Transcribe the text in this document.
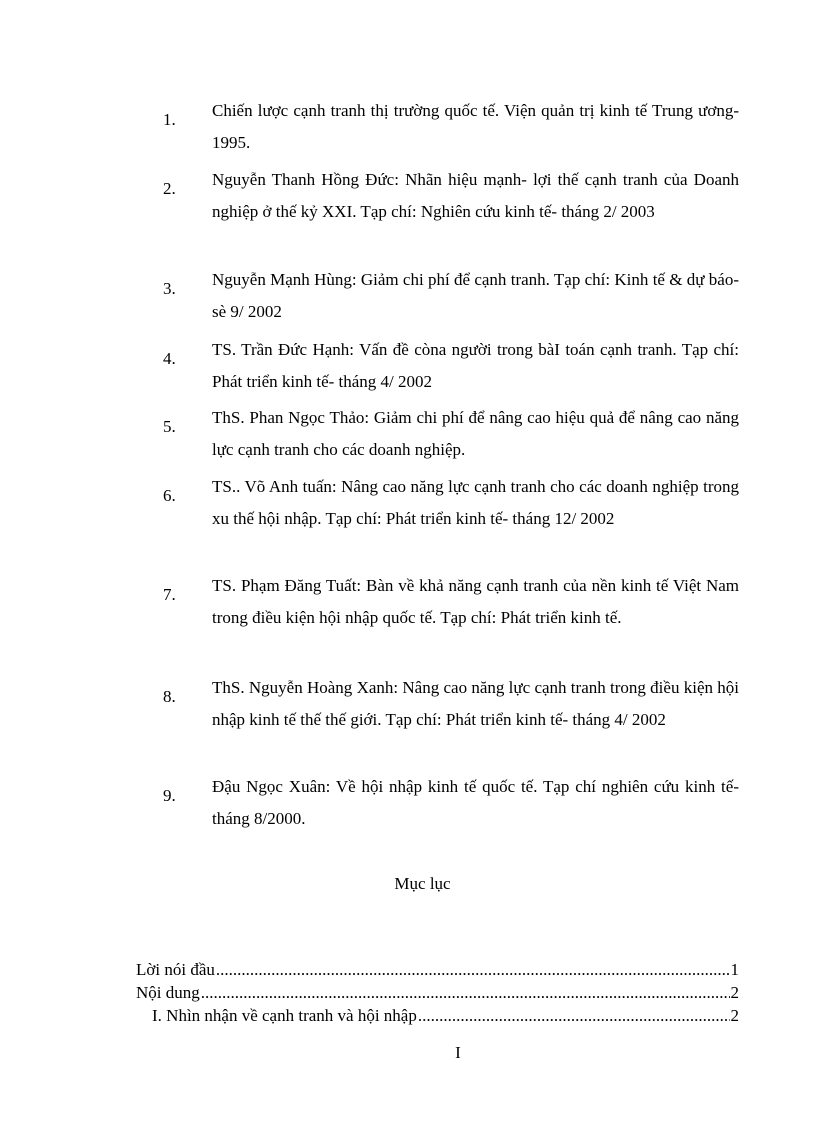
1. Chiến lược cạnh tranh thị trường quốc tế. Viện quản trị kinh tế Trung ương- 1995.
2. Nguyễn Thanh Hồng Đức: Nhãn hiệu mạnh- lợi thế cạnh tranh của Doanh nghiệp ở thế kỷ XXI. Tạp chí: Nghiên cứu kinh tế- tháng 2/ 2003
3. Nguyễn Mạnh Hùng: Giảm chi phí để cạnh tranh. Tạp chí: Kinh tế & dự báo- sè 9/ 2002
4. TS. Trần Đức Hạnh: Vấn đề còna người trong bàI toán cạnh tranh. Tạp chí: Phát triển kinh tế- tháng 4/ 2002
5. ThS. Phan Ngọc Thảo: Giảm chi phí để nâng cao hiệu quả để nâng cao năng lực cạnh tranh cho các doanh nghiệp.
6. TS.. Võ Anh tuấn: Nâng cao năng lực cạnh tranh cho các doanh nghiệp trong xu thế hội nhập. Tạp chí: Phát triển kinh tế- tháng 12/ 2002
7. TS. Phạm Đăng Tuất: Bàn về khả năng cạnh tranh của nền kinh tế Việt Nam trong điều kiện hội nhập quốc tế. Tạp chí: Phát triển kinh tế.
8. ThS. Nguyễn Hoàng Xanh: Nâng cao năng lực cạnh tranh trong điều kiện hội nhập kinh tế thế thế giới. Tạp chí: Phát triển kinh tế- tháng 4/ 2002
9. Đậu Ngọc Xuân: Về hội nhập kinh tế quốc tế. Tạp chí nghiên cứu kinh tế- tháng 8/2000.
Mục lục
Lời nói đầu .....	1
Nội dung .....	2
I. Nhìn nhận về cạnh tranh và hội nhập .....	2
I
